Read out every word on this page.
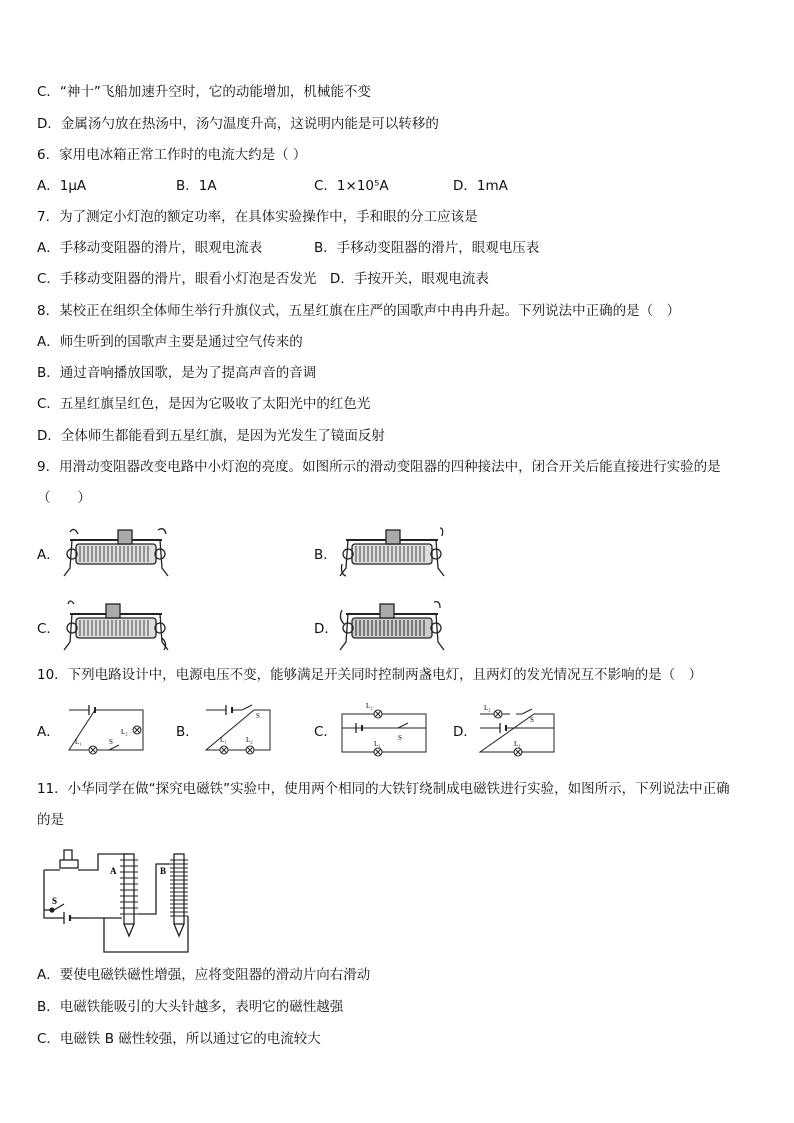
C．“神十”飞船加速升空时，它的动能增加，机械能不变
D．金属汤勺放在热汤中，汤勺温度升高，这说明内能是可以转移的
6．家用电冰箱正常工作时的电流大约是（ ）
A．1μA	B．1A	C．1×10⁵A	D．1mA
7．为了测定小灯泡的额定功率，在具体实验操作中，手和眼的分工应该是
A．手移动变阻器的滑片，眼观电流表	B．手移动变阻器的滑片，眼观电压表
C．手移动变阻器的滑片，眼看小灯泡是否发光　D．手按开关，眼观电流表
8．某校正在组织全体师生举行升旗仪式，五星红旗在庄严的国歌声中冉冉升起。下列说法中正确的是（　）
A．师生听到的国歌声主要是通过空气传来的
B．通过音响播放国歌，是为了提高声音的音调
C．五星红旗呈红色，是因为它吸收了太阳光中的红色光
D．全体师生都能看到五星红旗，是因为光发生了镜面反射
9．用滑动变阻器改变电路中小灯泡的亮度。如图所示的滑动变阻器的四种接法中，闭合开关后能直接进行实验的是
（　　）
A．	B．
C．	D．
10．下列电路设计中，电源电压不变，能够满足开关同时控制两盏电灯，且两灯的发光情况互不影响的是（　）
A．	B．	C．	D．
L₁
L₂
S	L₁	L₂
S
L₂
S
L₁
L₂
S
L₁
11．小华同学在做“探究电磁铁”实验中，使用两个相同的大铁钉绕制成电磁铁进行实验，如图所示，下列说法中正确
的是
A	B
S
A．要使电磁铁磁性增强，应将变阻器的滑动片向右滑动
B．电磁铁能吸引的大头针越多，表明它的磁性越强
C．电磁铁 B 磁性较强，所以通过它的电流较大
